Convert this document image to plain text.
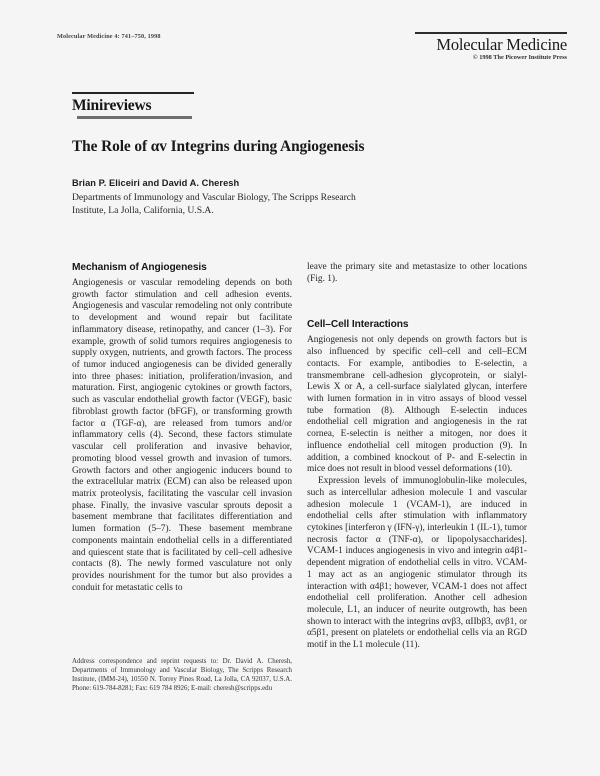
Molecular Medicine 4: 741–750, 1998	Molecular Medicine
© 1998 The Picower Institute Press
Minireviews
The Role of αv Integrins during Angiogenesis
Brian P. Eliceiri and David A. Cheresh
Departments of Immunology and Vascular Biology, The Scripps Research Institute, La Jolla, California, U.S.A.
Mechanism of Angiogenesis

Angiogenesis or vascular remodeling depends on both growth factor stimulation and cell adhesion events. Angiogenesis and vascular remodeling not only contribute to development and wound repair but facilitate inflammatory disease, retinopathy, and cancer (1–3). For example, growth of solid tumors requires angiogenesis to supply oxygen, nutrients, and growth factors. The process of tumor induced angiogenesis can be divided generally into three phases: initiation, proliferation/invasion, and maturation. First, angiogenic cytokines or growth factors, such as vascular endothelial growth factor (VEGF), basic fibroblast growth factor (bFGF), or transforming growth factor α (TGF-α), are released from tumors and/or inflammatory cells (4). Second, these factors stimulate vascular cell proliferation and invasive behavior, promoting blood vessel growth and invasion of tumors. Growth factors and other angiogenic inducers bound to the extracellular matrix (ECM) can also be released upon matrix proteolysis, facilitating the vascular cell invasion phase. Finally, the invasive vascular sprouts deposit a basement membrane that facilitates differentiation and lumen formation (5–7). These basement membrane components maintain endothelial cells in a differentiated and quiescent state that is facilitated by cell–cell adhesive contacts (8). The newly formed vasculature not only provides nourishment for the tumor but also provides a conduit for metastatic cells to

leave the primary site and metastasize to other locations (Fig. 1).

Cell–Cell Interactions

Angiogenesis not only depends on growth factors but is also influenced by specific cell–cell and cell–ECM contacts. For example, antibodies to E-selectin, a transmembrane cell-adhesion glycoprotein, or sialyl-Lewis X or A, a cell-surface sialylated glycan, interfere with lumen formation in in vitro assays of blood vessel tube formation (8). Although E-selectin induces endothelial cell migration and angiogenesis in the rat cornea, E-selectin is neither a mitogen, nor does it influence endothelial cell mitogen production (9). In addition, a combined knockout of P- and E-selectin in mice does not result in blood vessel deformations (10).

Expression levels of immunoglobulin-like molecules, such as intercellular adhesion molecule 1 and vascular adhesion molecule 1 (VCAM-1), are induced in endothelial cells after stimulation with inflammatory cytokines [interferon γ (IFN-γ), interleukin 1 (IL-1), tumor necrosis factor α (TNF-α), or lipopolysaccharides]. VCAM-1 induces angiogenesis in vivo and integrin α4β1-dependent migration of endothelial cells in vitro. VCAM-1 may act as an angiogenic stimulator through its interaction with α4β1; however, VCAM-1 does not affect endothelial cell proliferation. Another cell adhesion molecule, L1, an inducer of neurite outgrowth, has been shown to interact with the integrins αvβ3, αIIbβ3, αvβ1, or α5β1, present on platelets or endothelial cells via an RGD motif in the L1 molecule (11).

Address correspondence and reprint requests to: Dr. David A. Cheresh, Departments of Immunology and Vascular Biology, The Scripps Research Institute, (IMM-24), 10550 N. Torrey Pines Road, La Jolla, CA 92037, U.S.A. Phone: 619-784-8281; Fax: 619 784 8926; E-mail: cheresh@scripps.edu
